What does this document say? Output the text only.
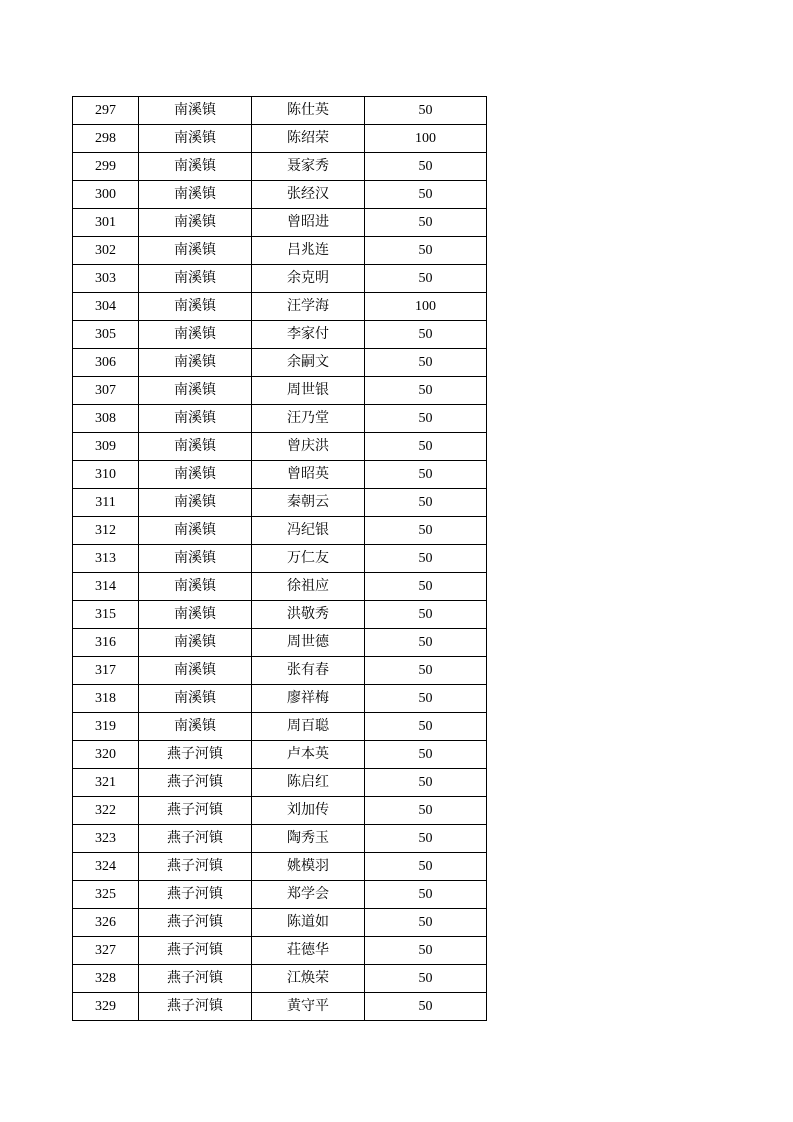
297	南溪镇	陈仕英	50
298	南溪镇	陈绍荣	100
299	南溪镇	聂家秀	50
300	南溪镇	张经汉	50
301	南溪镇	曾昭进	50
302	南溪镇	吕兆连	50
303	南溪镇	余克明	50
304	南溪镇	汪学海	100
305	南溪镇	李家付	50
306	南溪镇	余嗣文	50
307	南溪镇	周世银	50
308	南溪镇	汪乃堂	50
309	南溪镇	曾庆洪	50
310	南溪镇	曾昭英	50
311	南溪镇	秦朝云	50
312	南溪镇	冯纪银	50
313	南溪镇	万仁友	50
314	南溪镇	徐祖应	50
315	南溪镇	洪敬秀	50
316	南溪镇	周世德	50
317	南溪镇	张有春	50
318	南溪镇	廖祥梅	50
319	南溪镇	周百聪	50
320	燕子河镇	卢本英	50
321	燕子河镇	陈启红	50
322	燕子河镇	刘加传	50
323	燕子河镇	陶秀玉	50
324	燕子河镇	姚模羽	50
325	燕子河镇	郑学会	50
326	燕子河镇	陈道如	50
327	燕子河镇	荘德华	50
328	燕子河镇	江焕荣	50
329	燕子河镇	黄守平	50
